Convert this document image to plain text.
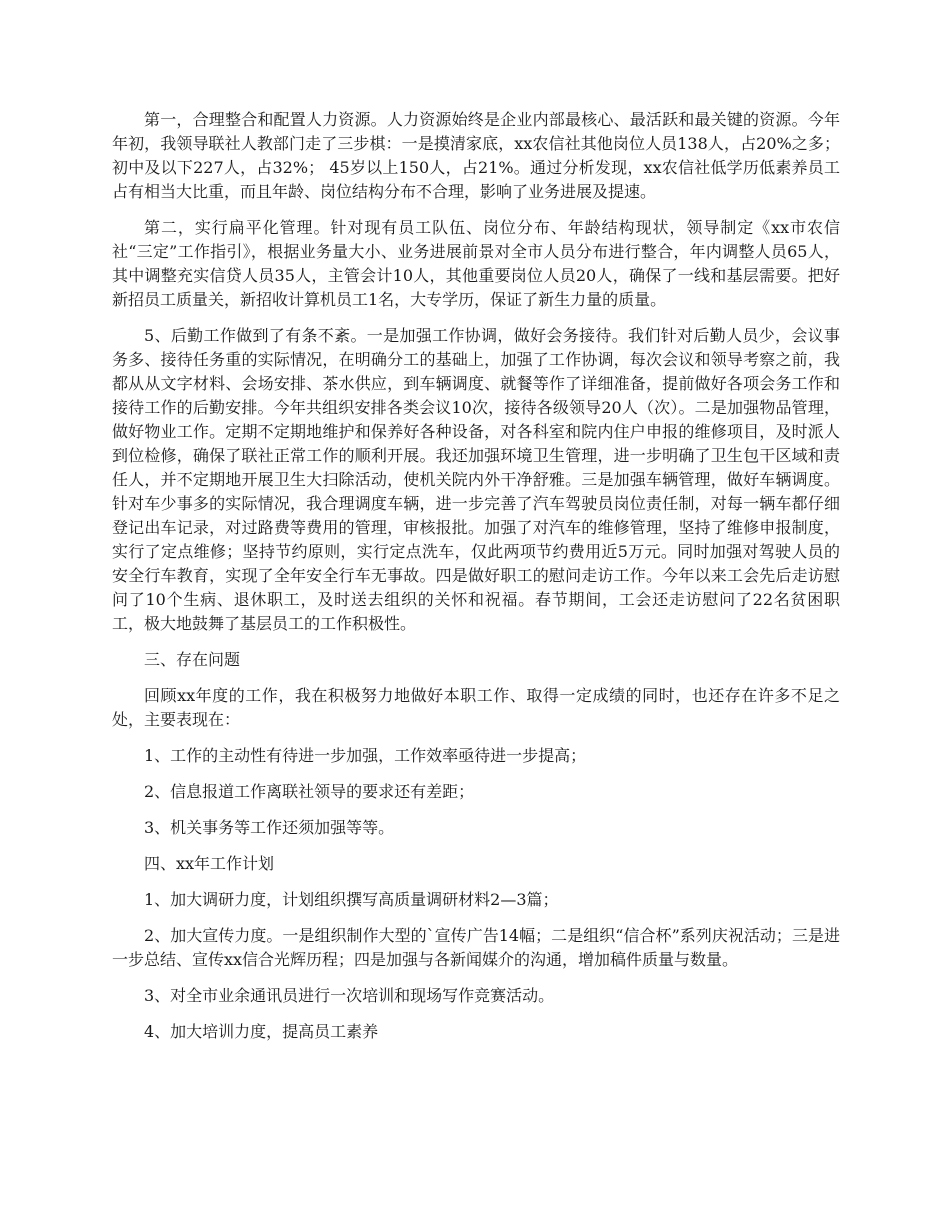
第一，合理整合和配置人力资源。人力资源始终是企业内部最核心、最活跃和最关键的资源。今年年初，我领导联社人教部门走了三步棋：一是摸清家底，xx农信社其他岗位人员138人，占20%之多；初中及以下227人，占32%； 45岁以上150人，占21%。通过分析发现，xx农信社低学历低素养员工占有相当大比重，而且年龄、岗位结构分布不合理，影响了业务进展及提速。

第二，实行扁平化管理。针对现有员工队伍、岗位分布、年龄结构现状，领导制定《xx市农信社“三定”工作指引》，根据业务量大小、业务进展前景对全市人员分布进行整合，年内调整人员65人，其中调整充实信贷人员35人，主管会计10人，其他重要岗位人员20人，确保了一线和基层需要。把好新招员工质量关，新招收计算机员工1名，大专学历，保证了新生力量的质量。

5、后勤工作做到了有条不紊。一是加强工作协调，做好会务接待。我们针对后勤人员少，会议事务多、接待任务重的实际情况，在明确分工的基础上，加强了工作协调，每次会议和领导考察之前，我都从从文字材料、会场安排、茶水供应，到车辆调度、就餐等作了详细准备，提前做好各项会务工作和接待工作的后勤安排。今年共组织安排各类会议10次，接待各级领导20人（次）。二是加强物品管理，做好物业工作。定期不定期地维护和保养好各种设备，对各科室和院内住户申报的维修项目，及时派人到位检修，确保了联社正常工作的顺利开展。我还加强环境卫生管理，进一步明确了卫生包干区域和责任人，并不定期地开展卫生大扫除活动，使机关院内外干净舒雅。三是加强车辆管理，做好车辆调度。针对车少事多的实际情况，我合理调度车辆，进一步完善了汽车驾驶员岗位责任制，对每一辆车都仔细登记出车记录，对过路费等费用的管理，审核报批。加强了对汽车的维修管理，坚持了维修申报制度，实行了定点维修；坚持节约原则，实行定点洗车，仅此两项节约费用近5万元。同时加强对驾驶人员的安全行车教育，实现了全年安全行车无事故。四是做好职工的慰问走访工作。今年以来工会先后走访慰问了10个生病、退休职工，及时送去组织的关怀和祝福。春节期间，工会还走访慰问了22名贫困职工，极大地鼓舞了基层员工的工作积极性。

三、存在问题

回顾xx年度的工作，我在积极努力地做好本职工作、取得一定成绩的同时，也还存在许多不足之处，主要表现在：

1、工作的主动性有待进一步加强，工作效率亟待进一步提高；

2、信息报道工作离联社领导的要求还有差距；

3、机关事务等工作还须加强等等。

四、xx年工作计划

1、加大调研力度，计划组织撰写高质量调研材料2—3篇；

2、加大宣传力度。一是组织制作大型的`宣传广告14幅；二是组织“信合杯”系列庆祝活动；三是进一步总结、宣传xx信合光辉历程；四是加强与各新闻媒介的沟通，增加稿件质量与数量。

3、对全市业余通讯员进行一次培训和现场写作竞赛活动。

4、加大培训力度，提高员工素养
